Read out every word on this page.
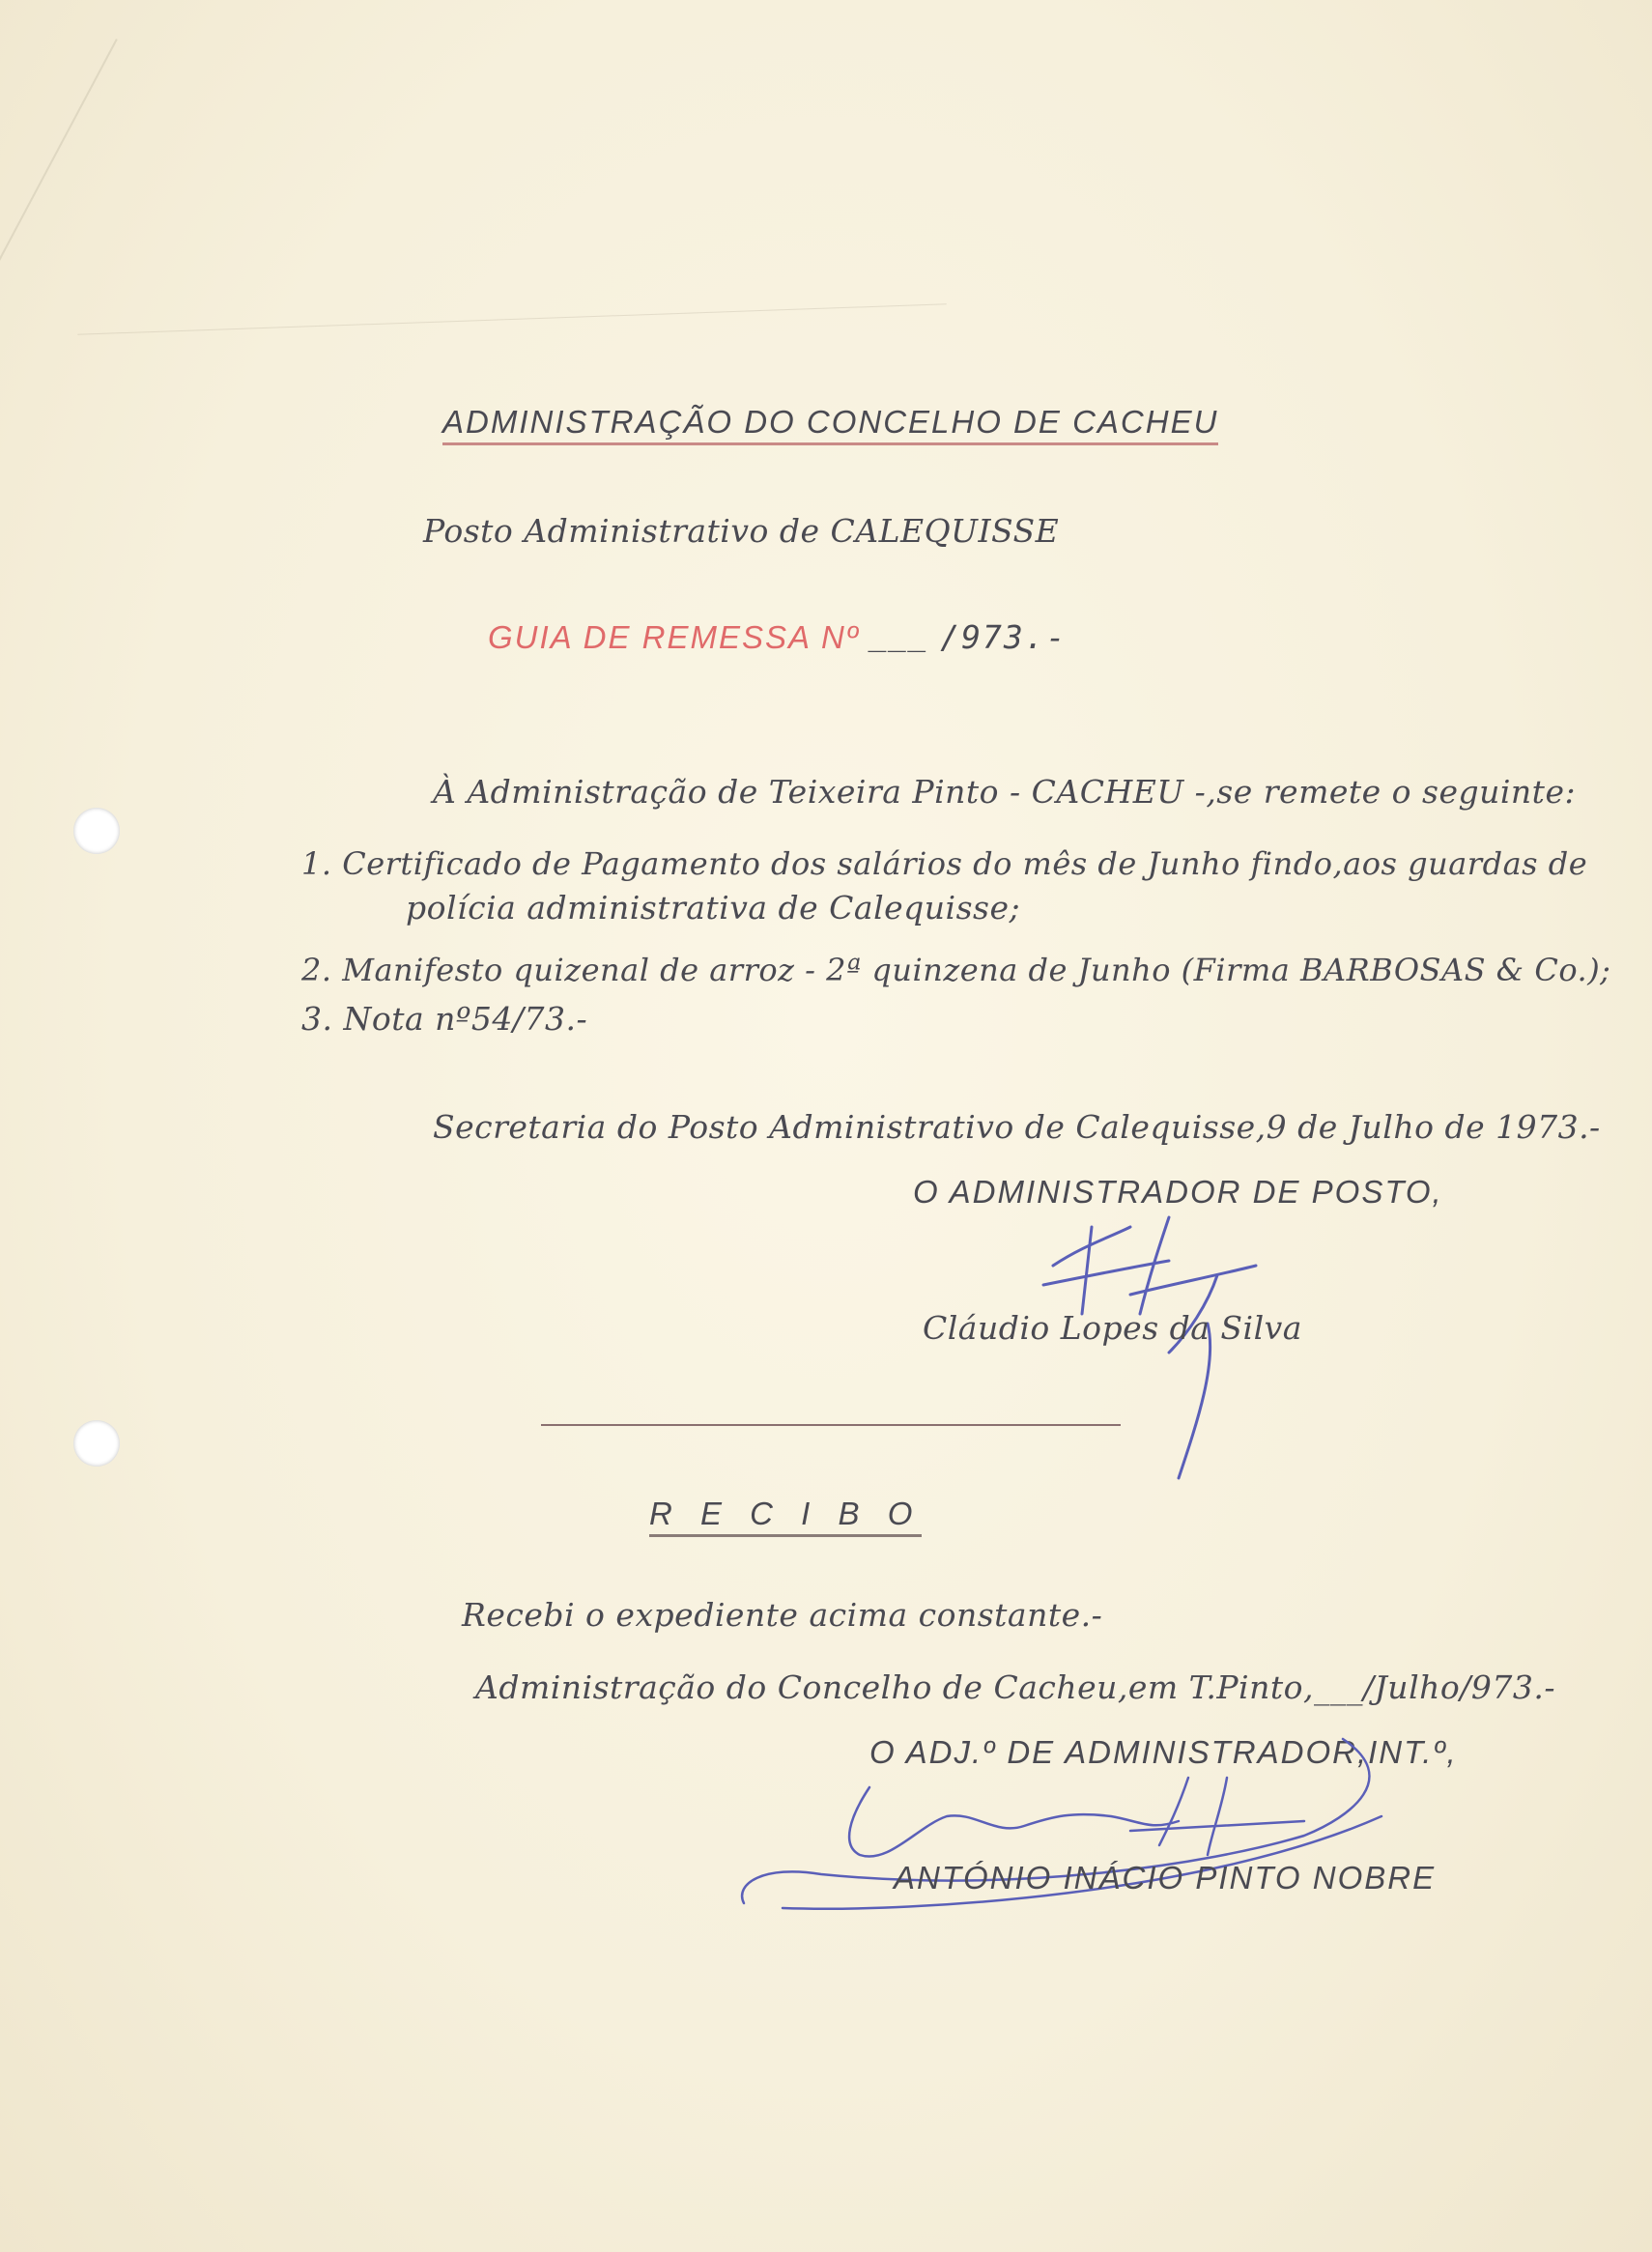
ADMINISTRAÇÃO DO CONCELHO DE CACHEU
Posto Administrativo de CALEQUISSE
GUIA DE REMESSA Nº ___ /973.-
À Administração de Teixeira Pinto - CACHEU -,se remete o seguinte:
1. Certificado de Pagamento dos salários do mês de Junho findo,aos guardas de
polícia administrativa de Calequisse;
2. Manifesto quizenal de arroz - 2ª quinzena de Junho (Firma BARBOSAS & Co.);
3. Nota nº54/73.-
Secretaria do Posto Administrativo de Calequisse,9 de Julho de 1973.-
O ADMINISTRADOR DE POSTO,
Cláudio Lopes da Silva
R E C I B O
Recebi o expediente acima constante.-
Administração do Concelho de Cacheu,em T.Pinto,___/Julho/973.-
O ADJ.º DE ADMINISTRADOR,INT.º,
ANTÓNIO INÁCIO PINTO NOBRE
